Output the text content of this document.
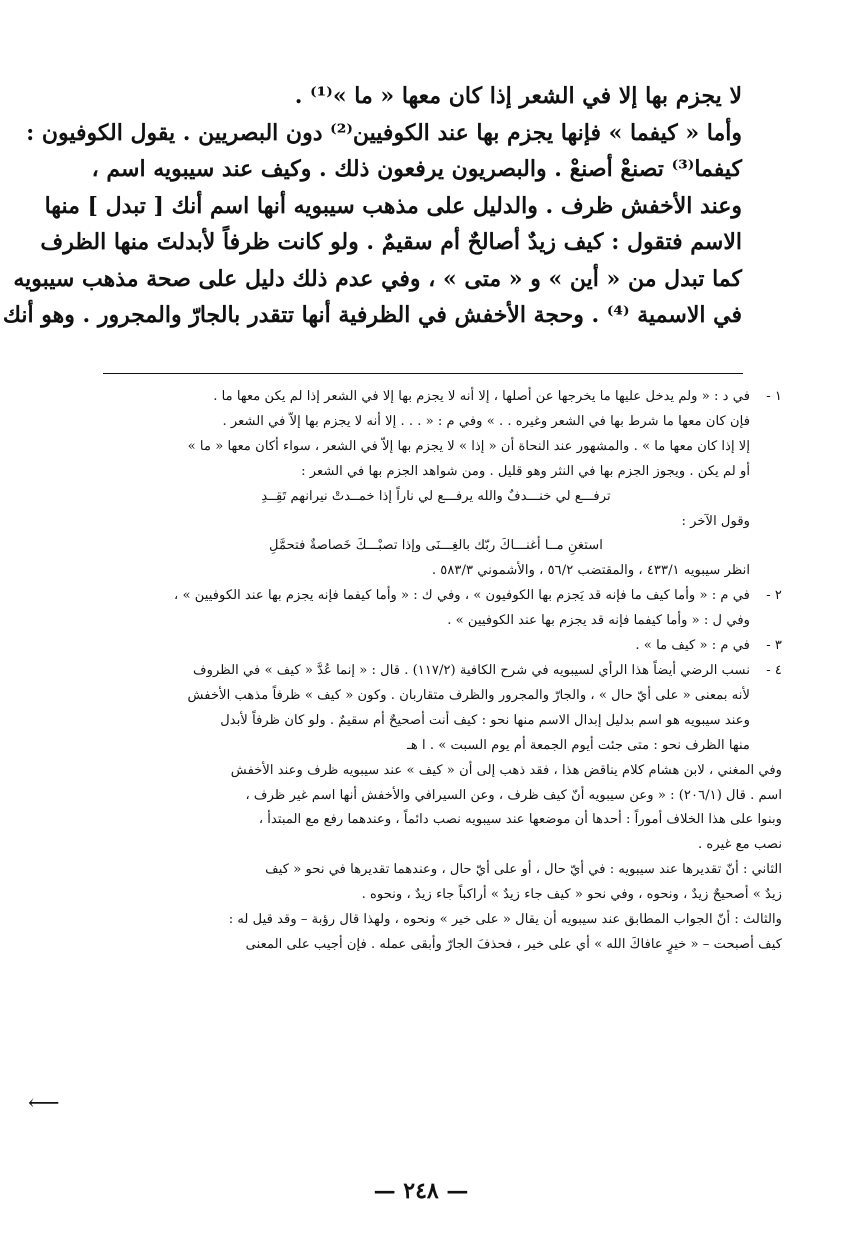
لا يجزم بها إلا في الشعر إذا كان معها « ما »⁽¹⁾ .
وأما « كيفما » فإنها يجزم بها عند الكوفيين⁽²⁾ دون البصريين . يقول الكوفيون :
كيفما⁽³⁾ تصنعْ أصنعْ . والبصريون يرفعون ذلك . وكيف عند سيبويه اسم ،
وعند الأخفش ظرف . والدليل على مذهب سيبويه أنها اسم أنك [ تبدل ] منها
الاسم فتقول : كيف زيدٌ أصالحٌ أم سقيمٌ . ولو كانت ظرفاً لأبدلتَ منها الظرف
كما تبدل من « أين » و « متى » ، وفي عدم ذلك دليل على صحة مذهب سيبويه
في الاسمية ⁽⁴⁾ . وحجة الأخفش في الظرفية أنها تتقدر بالجارّ والمجرور . وهو أنك
١ -
في د : « ولم يدخل عليها ما يخرجها عن أصلها ، إلا أنه لا يجزم بها إلا في الشعر إذا لم يكن معها ما .
فإن كان معها ما شرط بها في الشعر وغيره . . » وفي م : « . . . إلا أنه لا يجزم بها إلاّ في الشعر .
إلا إذا كان معها ما » . والمشهور عند النحاة أن « إذا » لا يجزم بها إلاّ في الشعر ، سواء أكان معها « ما »
أو لم يكن . ويجوز الجزم بها في النثر وهو قليل . ومن شواهد الجزم بها في الشعر :
ترفـــع لي خنـــدفٌ والله يرفـــع لي ناراً إذا خمــدتْ نيرانهم تَقِــدِ
وقول الآخر :
استغنِ مــا أغنـــاكَ ربّك بالغِـــنَى وإذا تصبْـــكَ خَصاصةٌ فتحمَّلِ
انظر سيبويه ٤٣٣/١ ، والمقتضب ٥٦/٢ ، والأشموني ٥٨٣/٣ .
٢ -
في م : « وأما كيف ما فإنه قد يَجزم بها الكوفيون » ، وفي ك : « وأما كيفما فإنه يجزم بها عند الكوفيين » ،
وفي ل : « وأما كيفما فإنه قد يجزم بها عند الكوفيين » .
٣ -
في م : « كيف ما » .
٤ -
نسب الرضي أيضاً هذا الرأي لسيبويه في شرح الكافية (١١٧/٢) . قال : « إنما عُدَّ « كيف » في الظروف
لأنه بمعنى « على أيّ حال » ، والجارّ والمجرور والظرف متقاربان . وكون « كيف » ظرفاً مذهب الأخفش
وعند سيبويه هو اسم بدليل إبدال الاسم منها نحو : كيف أنت أصحيحٌ أم سقيمٌ . ولو كان ظرفاً لأبدل
منها الظرف نحو : متى جئت أيوم الجمعة أم يوم السبت » . ا هـ
وفي المغني ، لابن هشام كلام يناقض هذا ، فقد ذهب إلى أن « كيف » عند سيبويه ظرف وعند الأخفش
اسم . قال (٢٠٦/١) : « وعن سيبويه أنّ كيف ظرف ، وعن السيرافي والأخفش أنها اسم غير ظرف ،
وبنوا على هذا الخلاف أموراً : أحدها أن موضعها عند سيبويه نصب دائماً ، وعندهما رفع مع المبتدأ ،
نصب مع غيره .
الثاني : أنّ تقديرها عند سيبويه : في أيّ حال ، أو على أيّ حال ، وعندهما تقديرها في نحو « كيف
زيدٌ » أصحيحٌ زيدٌ ، ونحوه ، وفي نحو « كيف جاء زيدٌ » أراكباً جاء زيدٌ ، ونحوه .
والثالث : أنّ الجواب المطابق عند سيبويه أن يقال « على خير » ونحوه ، ولهذا قال رؤبة – وقد قيل له :
كيف أصبحت – « خيرٍ عافاكَ الله » أي على خير ، فحذفَ الجارّ وأبقى عمله . فإن أجيب على المعنى
⟵
— ٢٤٨ —
